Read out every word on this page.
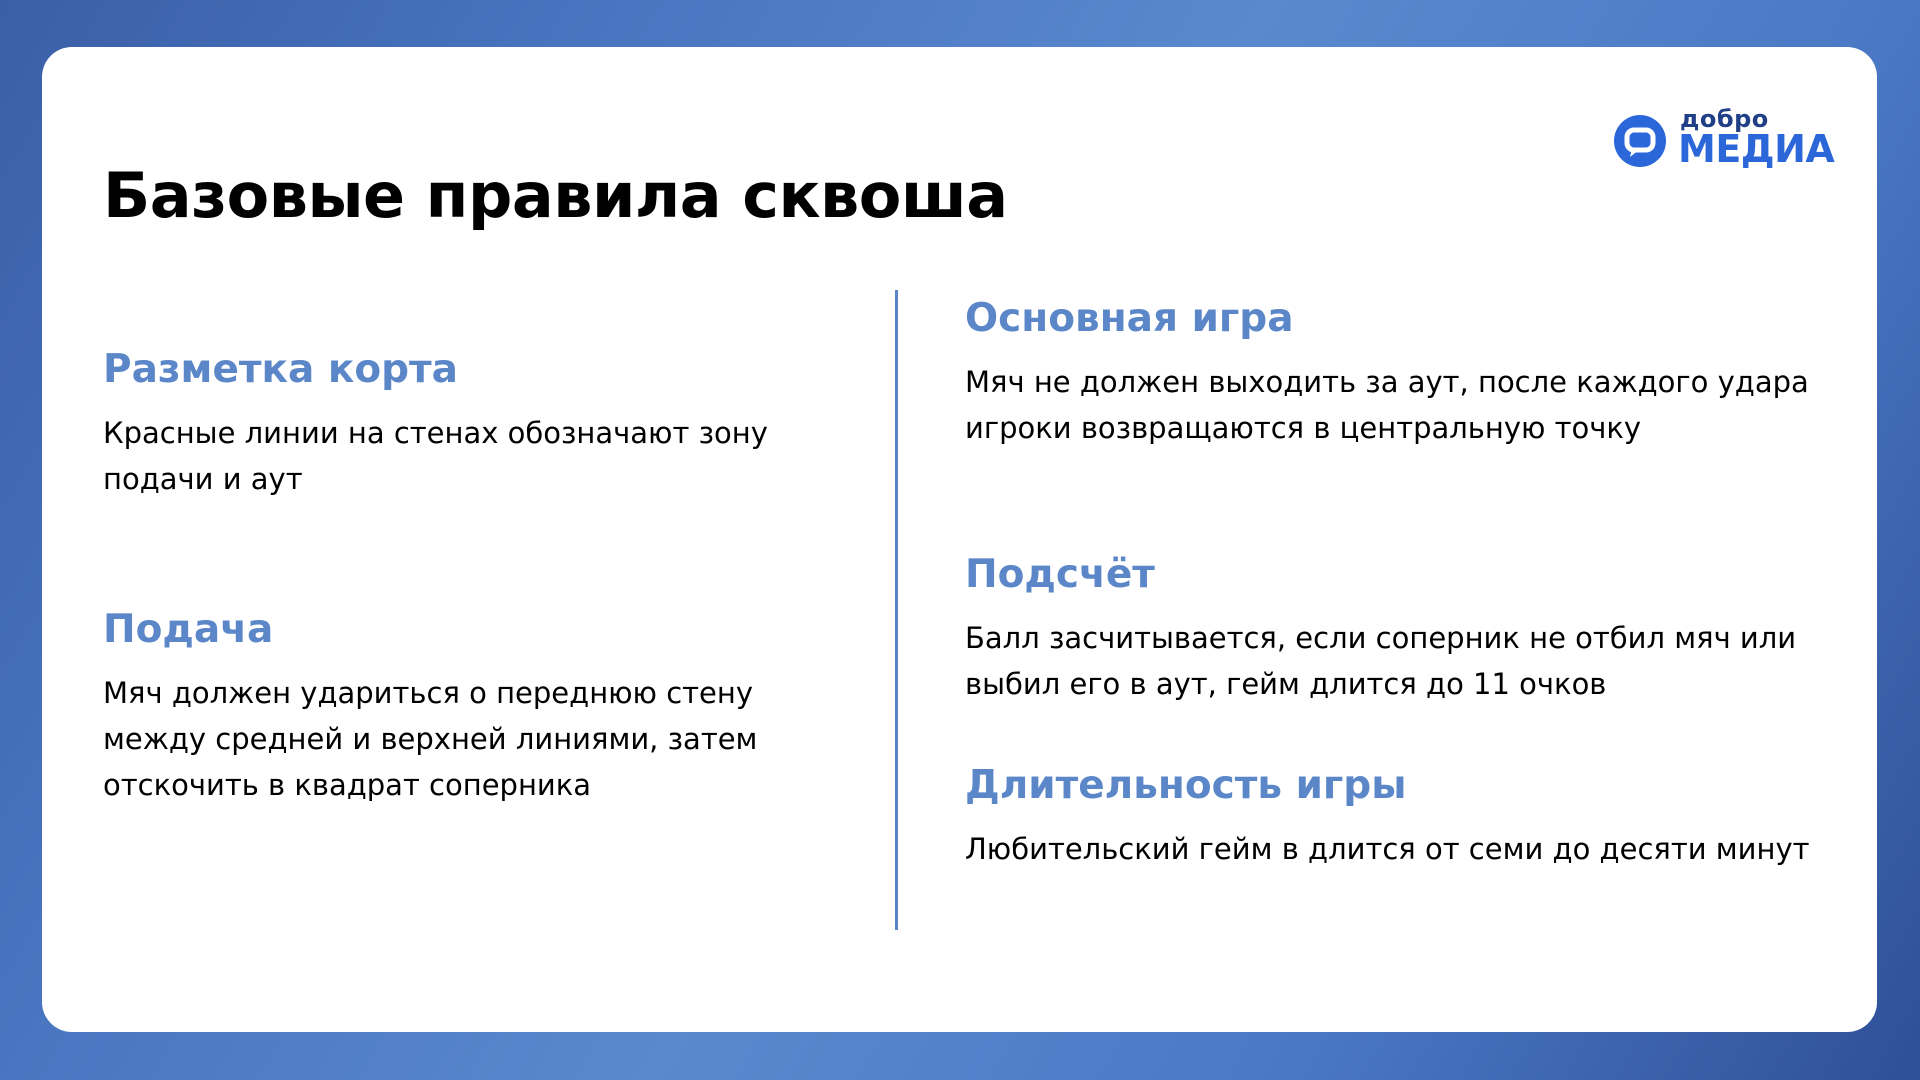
Базовые правила сквоша
добро
МЕДИА
Разметка корта

Красные линии на стенах обозначают зону подачи и аут

Подача

Мяч должен удариться о переднюю стену между средней и верхней линиями, затем отскочить в квадрат соперника

Основная игра

Мяч не должен выходить за аут, после каждого удара игроки возвращаются в центральную точку

Подсчёт

Балл засчитывается, если соперник не отбил мяч или выбил его в аут, гейм длится до 11 очков

Длительность игры

Любительский гейм в длится от семи до десяти минут
